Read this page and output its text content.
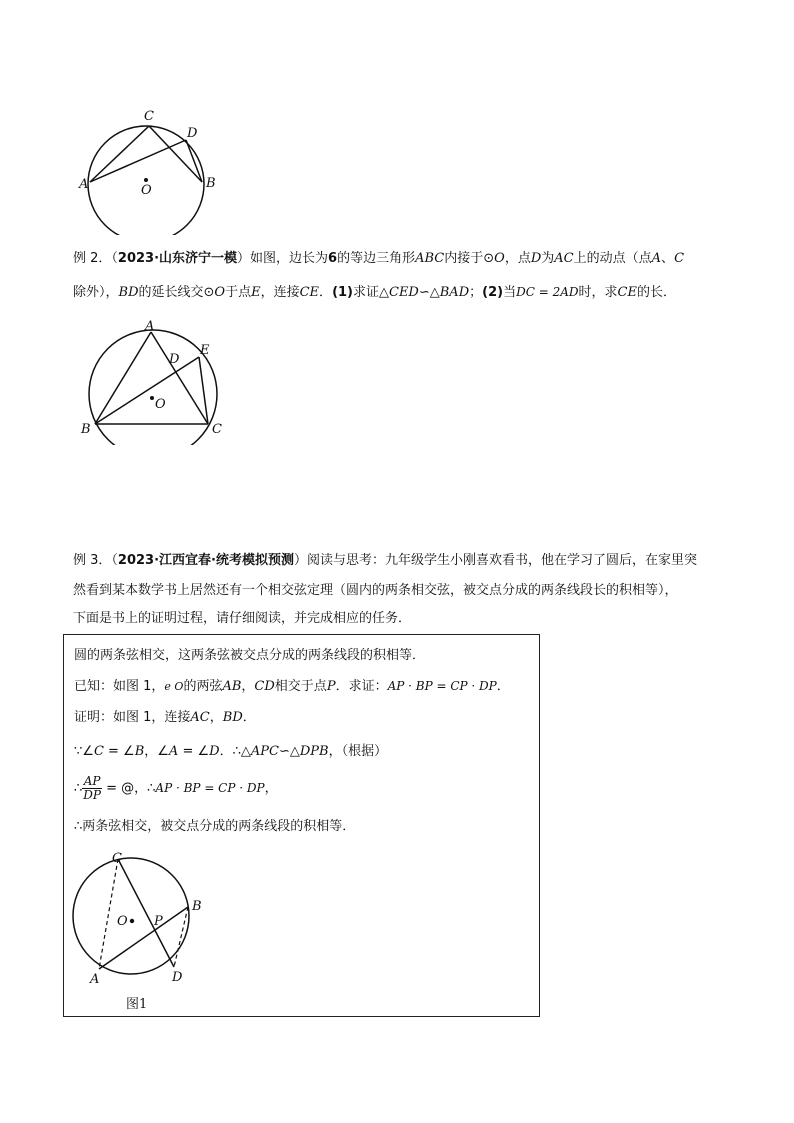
C
D
A	B
O
例 2．（2023·山东济宁一模）如图，边长为6的等边三角形ABC内接于⊙O，点D为AC上的动点（点A、C
除外），BD的延长线交⊙O于点E，连接CE．(1)求证△CED∽△BAD；(2)当DC = 2AD时，求CE的长．
A
D
E
O
B	C
例 3．（2023·江西宜春·统考模拟预测）阅读与思考：九年级学生小刚喜欢看书，他在学习了圆后，在家里突
然看到某本数学书上居然还有一个相交弦定理（圆内的两条相交弦，被交点分成的两条线段长的积相等），
下面是书上的证明过程，请仔细阅读，并完成相应的任务．
圆的两条弦相交，这两条弦被交点分成的两条线段的积相等．
已知：如图 1，e O的两弦AB，CD相交于点P．求证：AP · BP = CP · DP．
证明：如图 1，连接AC，BD．
∵∠C = ∠B，∠A = ∠D．∴△APC∽△DPB，（根据）
∴ $\frac{AP}{DP}$ = @，∴AP · BP = CP · DP，
∴两条弦相交，被交点分成的两条线段的积相等．
C
O P
B
A	D
图1
